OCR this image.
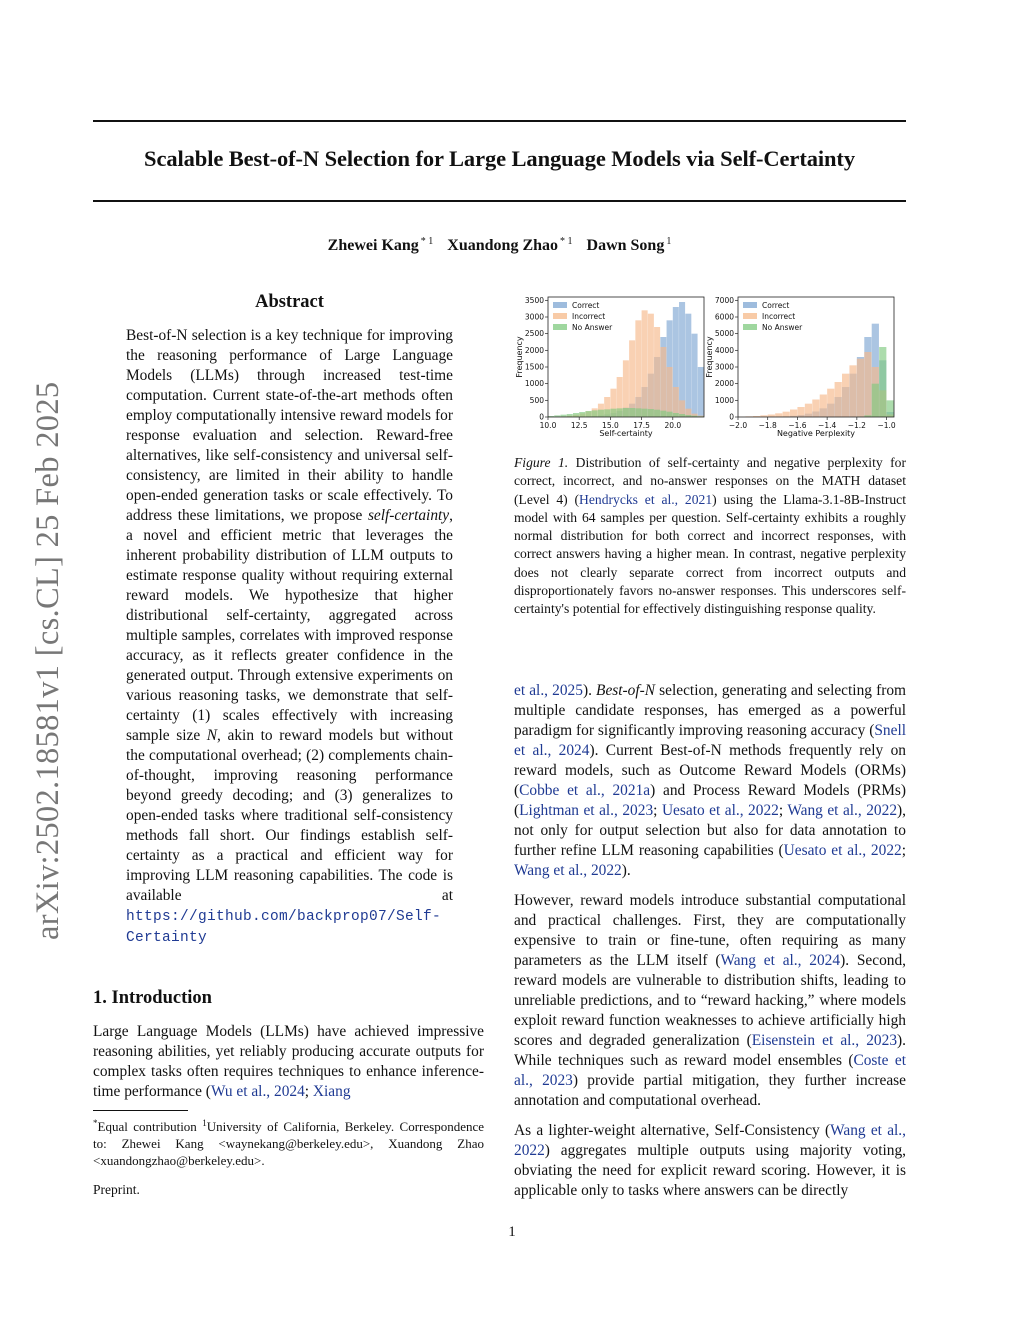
Scalable Best-of-N Selection for Large Language Models via Self-Certainty
Zhewei Kang $^{* 1}$ Xuandong Zhao $^{* 1}$ Dawn Song $^1$
arXiv:2502.18581v1 [cs.CL] 25 Feb 2025
Abstract

Best-of-N selection is a key technique for improving the reasoning performance of Large Language Models (LLMs) through increased test-time computation. Current state-of-the-art methods often employ computationally intensive reward models for response evaluation and selection. Reward-free alternatives, like self-consistency and universal self-consistency, are limited in their ability to handle open-ended generation tasks or scale effectively. To address these limitations, we propose self-certainty, a novel and efficient metric that leverages the inherent probability distribution of LLM outputs to estimate response quality without requiring external reward models. We hypothesize that higher distributional self-certainty, aggregated across multiple samples, correlates with improved response accuracy, as it reflects greater confidence in the generated output. Through extensive experiments on various reasoning tasks, we demonstrate that self-certainty (1) scales effectively with increasing sample size N, akin to reward models but without the computational overhead; (2) complements chain-of-thought, improving reasoning performance beyond greedy decoding; and (3) generalizes to open-ended tasks where traditional self-consistency methods fall short. Our findings establish self-certainty as a practical and efficient way for improving LLM reasoning capabilities. The code is available at https://github.com/backprop07/Self-Certainty

1. Introduction

Large Language Models (LLMs) have achieved impressive reasoning abilities, yet reliably producing accurate outputs for complex tasks often requires techniques to enhance inference-time performance (Wu et al., 2024; Xiang

*Equal contribution $^1$University of California, Berkeley. Correspondence to: Zhewei Kang <waynekang@berkeley.edu>, Xuandong Zhao <xuandongzhao@berkeley.edu>.
Preprint.
1
0
500
1000
1500
2000
2500
3000
3500
10.0 12.5 15.0 17.5 20.0
Self-certainty
Frequency
Correct
Incorrect
No Answer
0
1000
2000
3000
4000
5000
6000
7000
−2.0 −1.8 −1.6 −1.4 −1.2 −1.0
Negative Perplexity
Frequency
Correct
Incorrect
No Answer
Figure 1. Distribution of self-certainty and negative perplexity for correct, incorrect, and no-answer responses on the MATH dataset (Level 4) (Hendrycks et al., 2021) using the Llama-3.1-8B-Instruct model with 64 samples per question. Self-certainty exhibits a roughly normal distribution for both correct and incorrect responses, with correct answers having a higher mean. In contrast, negative perplexity does not clearly separate correct from incorrect outputs and disproportionately favors no-answer responses. This underscores self-certainty's potential for effectively distinguishing response quality.

et al., 2025). Best-of-N selection, generating and selecting from multiple candidate responses, has emerged as a powerful paradigm for significantly improving reasoning accuracy (Snell et al., 2024). Current Best-of-N methods frequently rely on reward models, such as Outcome Reward Models (ORMs) (Cobbe et al., 2021a) and Process Reward Models (PRMs) (Lightman et al., 2023; Uesato et al., 2022; Wang et al., 2022), not only for output selection but also for data annotation to further refine LLM reasoning capabilities (Uesato et al., 2022; Wang et al., 2022).

However, reward models introduce substantial computational and practical challenges. First, they are computationally expensive to train or fine-tune, often requiring as many parameters as the LLM itself (Wang et al., 2024). Second, reward models are vulnerable to distribution shifts, leading to unreliable predictions, and to “reward hacking,” where models exploit reward function weaknesses to achieve artificially high scores and degraded generalization (Eisenstein et al., 2023). While techniques such as reward model ensembles (Coste et al., 2023) provide partial mitigation, they further increase annotation and computational overhead.

As a lighter-weight alternative, Self-Consistency (Wang et al., 2022) aggregates multiple outputs using majority voting, obviating the need for explicit reward scoring. However, it is applicable only to tasks where answers can be directly
